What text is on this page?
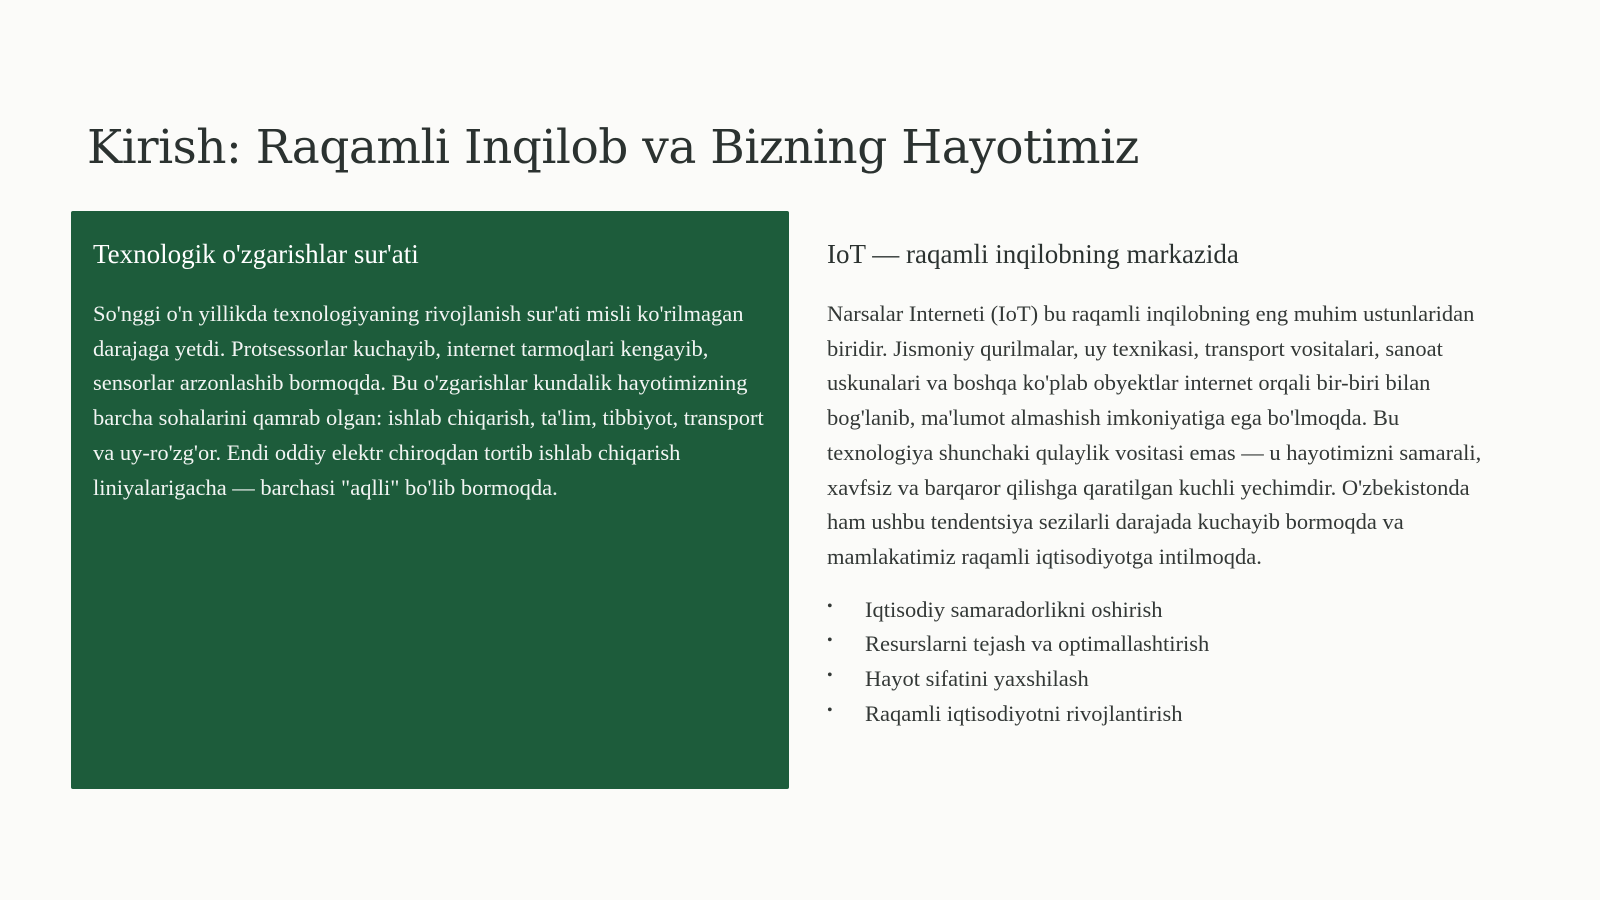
Kirish: Raqamli Inqilob va Bizning Hayotimiz
Texnologik o'zgarishlar sur'ati

So'nggi o'n yillikda texnologiyaning rivojlanish sur'ati misli ko'rilmagan darajaga yetdi. Protsessorlar kuchayib, internet tarmoqlari kengayib, sensorlar arzonlashib bormoqda. Bu o'zgarishlar kundalik hayotimizning barcha sohalarini qamrab olgan: ishlab chiqarish, ta'lim, tibbiyot, transport va uy-ro'zg'or. Endi oddiy elektr chiroqdan tortib ishlab chiqarish liniyalarigacha — barchasi "aqlli" bo'lib bormoqda.

IoT — raqamli inqilobning markazida

Narsalar Interneti (IoT) bu raqamli inqilobning eng muhim ustunlaridan biridir. Jismoniy qurilmalar, uy texnikasi, transport vositalari, sanoat uskunalari va boshqa ko'plab obyektlar internet orqali bir-biri bilan bog'lanib, ma'lumot almashish imkoniyatiga ega bo'lmoqda. Bu texnologiya shunchaki qulaylik vositasi emas — u hayotimizni samarali, xavfsiz va barqaror qilishga qaratilgan kuchli yechimdir. O'zbekistonda ham ushbu tendentsiya sezilarli darajada kuchayib bormoqda va mamlakatimiz raqamli iqtisodiyotga intilmoqda.

• Iqtisodiy samaradorlikni oshirish
• Resurslarni tejash va optimallashtirish
• Hayot sifatini yaxshilash
• Raqamli iqtisodiyotni rivojlantirish
